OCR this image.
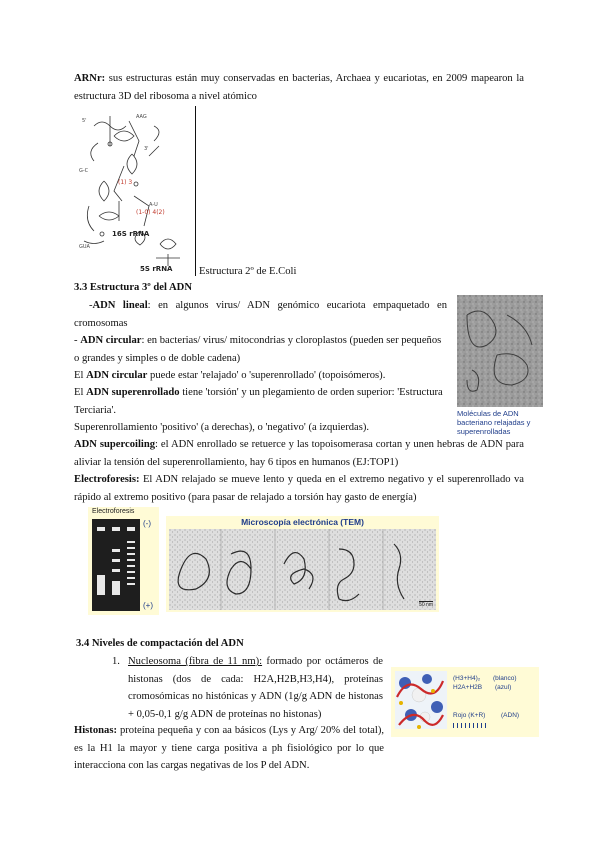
ARNr: sus estructuras están muy conservadas en bacterias, Archaea y eucariotas, en 2009 mapearon la estructura 3D del ribosoma a nivel atómico

5'
AAG
3'
G-C
A-U
GUA
(1) 3
(1-0) 4(2)
16S rRNA
5S rRNA	Estructura 2º de E.Coli

3.3 Estructura 3º del ADN

-ADN lineal: en algunos virus/ ADN genómico eucariota empaquetado en cromosomas

- ADN circular: en bacterias/ virus/ mitocondrias y cloroplastos (pueden ser pequeños o grandes y simples o de doble cadena)

El ADN circular puede estar 'relajado' o 'superenrollado' (topoisómeros).

El ADN superenrollado tiene 'torsión' y un plegamiento de orden superior: 'Estructura Terciaria'.

Superenrollamiento 'positivo' (a derechas), o 'negativo' (a izquierdas).

Moléculas de ADN bacteriano relajadas y superenrolladas

ADN supercoiling: el ADN enrollado se retuerce y las topoisomerasa cortan y unen hebras de ADN para aliviar la tensión del superenrollamiento, hay 6 tipos en humanos (EJ:TOP1)

Electroforesis: El ADN relajado se mueve lento y queda en el extremo negativo y el superenrollado va rápido al extremo positivo (para pasar de relajado a torsión hay gasto de energía)

Electroforesis
(-)
(+)
Microscopía electrónica (TEM)
50 nm

3.4 Niveles de compactación del ADN

1. Nucleosoma (fibra de 11 nm): formado por octámeros de histonas (dos de cada: H2A,H2B,H3,H4), proteínas cromosómicas no histónicas y ADN (1g/g ADN de histonas + 0,05-0,1 g/g ADN de proteínas no histonas)

(H3+H4)₂ (blanco)
H2A+H2B (azul)
Rojo (K+R) (ADN)

Histonas: proteína pequeña y con aa básicos (Lys y Arg/ 20% del total), es la H1 la mayor y tiene carga positiva a ph fisiológico por lo que interacciona con las cargas negativas de los P del ADN.
